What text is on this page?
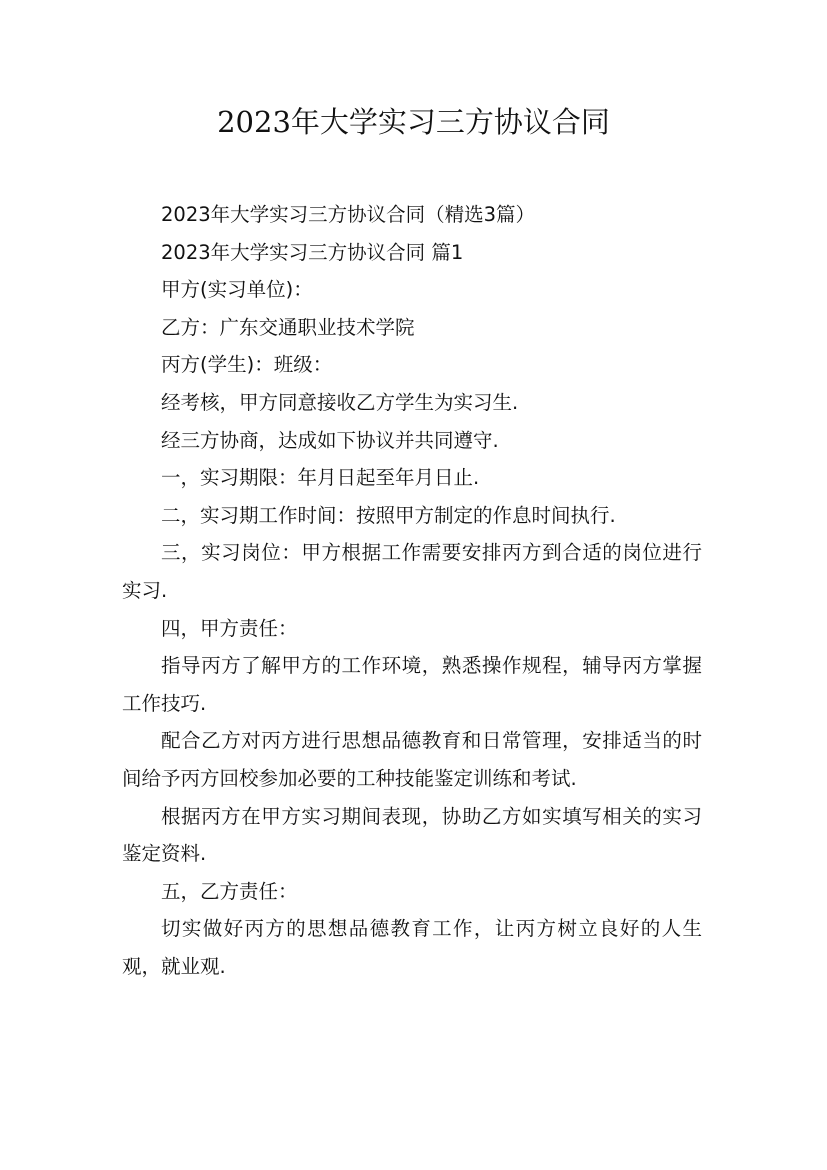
2023年大学实习三方协议合同

2023年大学实习三方协议合同（精选3篇）

2023年大学实习三方协议合同 篇1

甲方(实习单位)：

乙方：广东交通职业技术学院

丙方(学生)：班级：

经考核，甲方同意接收乙方学生为实习生.

经三方协商，达成如下协议并共同遵守.

一，实习期限：年月日起至年月日止.

二，实习期工作时间：按照甲方制定的作息时间执行.

三，实习岗位：甲方根据工作需要安排丙方到合适的岗位进行实习.

四，甲方责任：

指导丙方了解甲方的工作环境，熟悉操作规程，辅导丙方掌握工作技巧.

配合乙方对丙方进行思想品德教育和日常管理，安排适当的时间给予丙方回校参加必要的工种技能鉴定训练和考试.

根据丙方在甲方实习期间表现，协助乙方如实填写相关的实习鉴定资料.

五，乙方责任：

切实做好丙方的思想品德教育工作，让丙方树立良好的人生观，就业观.
